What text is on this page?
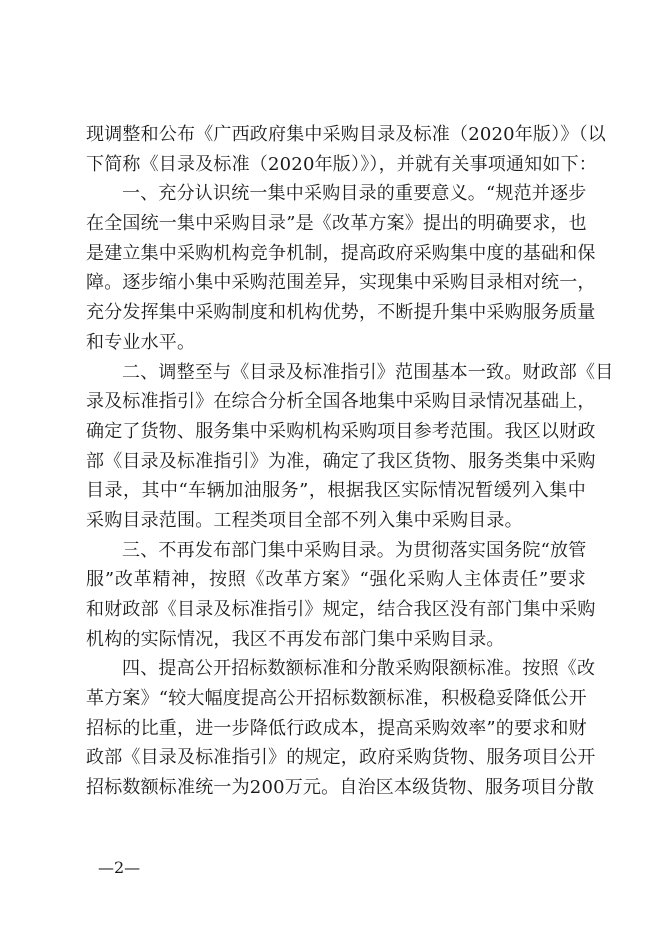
现调整和公布《广西政府集中采购目录及标准（2020年版）》（以
下简称《目录及标准（2020年版）》），并就有关事项通知如下：
一、充分认识统一集中采购目录的重要意义。“规范并逐步
在全国统一集中采购目录”是《改革方案》提出的明确要求，也
是建立集中采购机构竞争机制，提高政府采购集中度的基础和保
障。逐步缩小集中采购范围差异，实现集中采购目录相对统一，
充分发挥集中采购制度和机构优势，不断提升集中采购服务质量
和专业水平。
二、调整至与《目录及标准指引》范围基本一致。财政部《目
录及标准指引》在综合分析全国各地集中采购目录情况基础上，
确定了货物、服务集中采购机构采购项目参考范围。我区以财政
部《目录及标准指引》为准，确定了我区货物、服务类集中采购
目录，其中“车辆加油服务”，根据我区实际情况暂缓列入集中
采购目录范围。工程类项目全部不列入集中采购目录。
三、不再发布部门集中采购目录。为贯彻落实国务院“放管
服”改革精神，按照《改革方案》“强化采购人主体责任”要求
和财政部《目录及标准指引》规定，结合我区没有部门集中采购
机构的实际情况，我区不再发布部门集中采购目录。
四、提高公开招标数额标准和分散采购限额标准。按照《改
革方案》“较大幅度提高公开招标数额标准，积极稳妥降低公开
招标的比重，进一步降低行政成本，提高采购效率”的要求和财
政部《目录及标准指引》的规定，政府采购货物、服务项目公开
招标数额标准统一为200万元。自治区本级货物、服务项目分散
—2—
